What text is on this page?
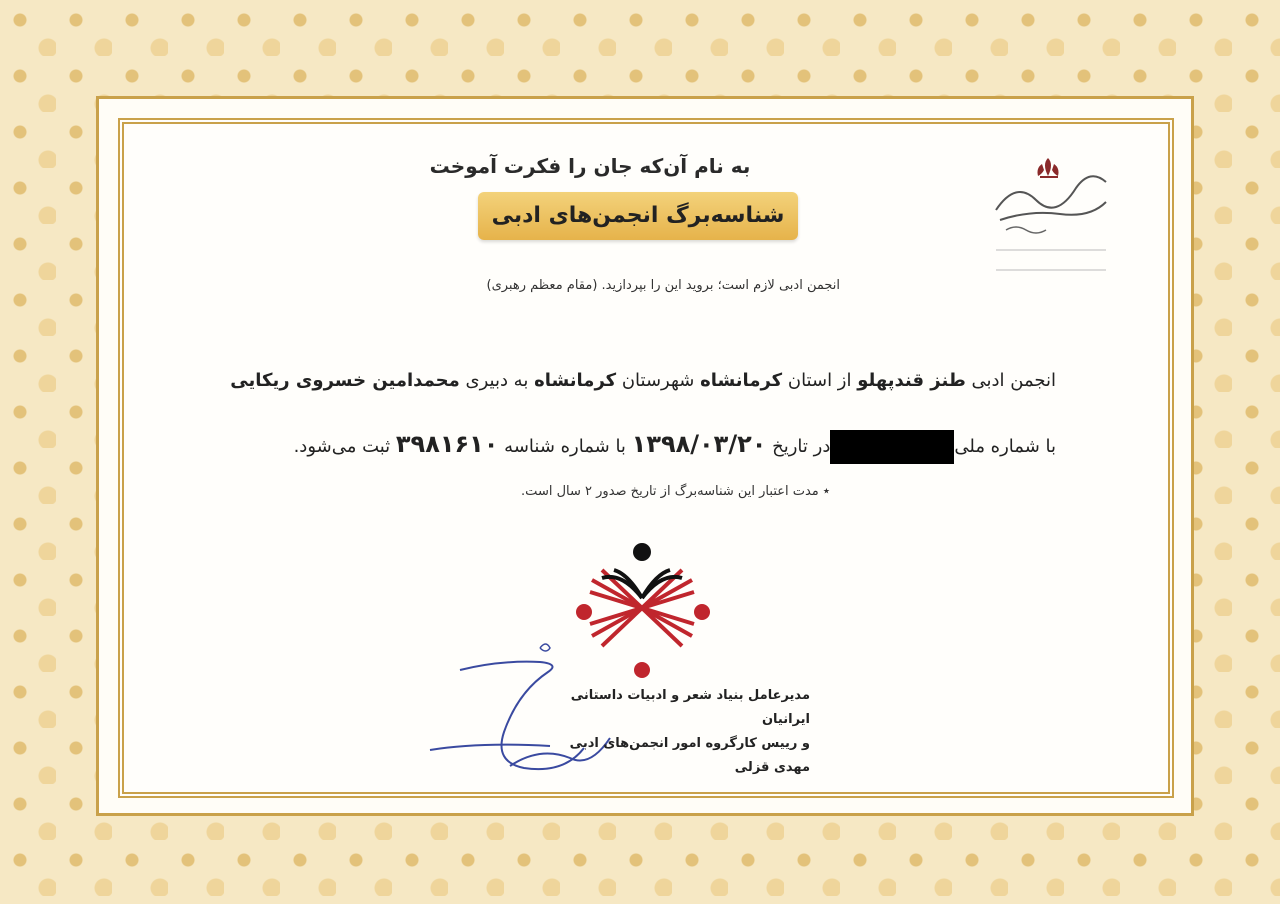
به نام آن‌که جان را فکرت آموخت
شناسه‌برگ انجمن‌های ادبی
انجمن ادبی لازم است؛ بروید این را بپردازید. (مقام معظم رهبری)
انجمن ادبی طنز قندپهلو از استان کرمانشاه شهرستان کرمانشاه به دبیری محمدامین خسروی ریکایی
با شماره ملیدر تاریخ ۱۳۹۸/۰۳/۲۰ با شماره شناسه ۳۹۸۱۶۱۰ ثبت می‌شود.
٭ مدت اعتبار این شناسه‌برگ از تاریخ صدور ۲ سال است.
مدیرعامل بنیاد شعر و ادبیات داستانی ایرانیان
و رییس کارگروه امور انجمن‌های ادبی
مهدی قزلی
